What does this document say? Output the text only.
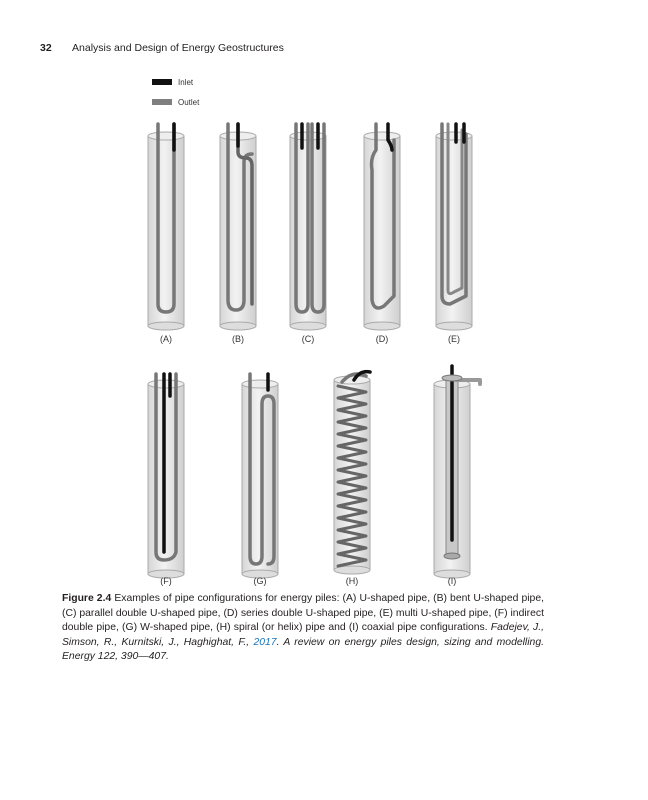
32 Analysis and Design of Energy Geostructures
Inlet
Outlet
(A)	(B)	(C)	(D)	(E)
(F)	(G)	(H)	(I)
Figure 2.4 Examples of pipe configurations for energy piles: (A) U-shaped pipe, (B) bent U-shaped pipe, (C) parallel double U-shaped pipe, (D) series double U-shaped pipe, (E) multi U-shaped pipe, (F) indirect double pipe, (G) W-shaped pipe, (H) spiral (or helix) pipe and (I) coaxial pipe configurations. Fadejev, J., Simson, R., Kurnitski, J., Haghighat, F., 2017. A review on energy piles design, sizing and modelling. Energy 122, 390—407.
